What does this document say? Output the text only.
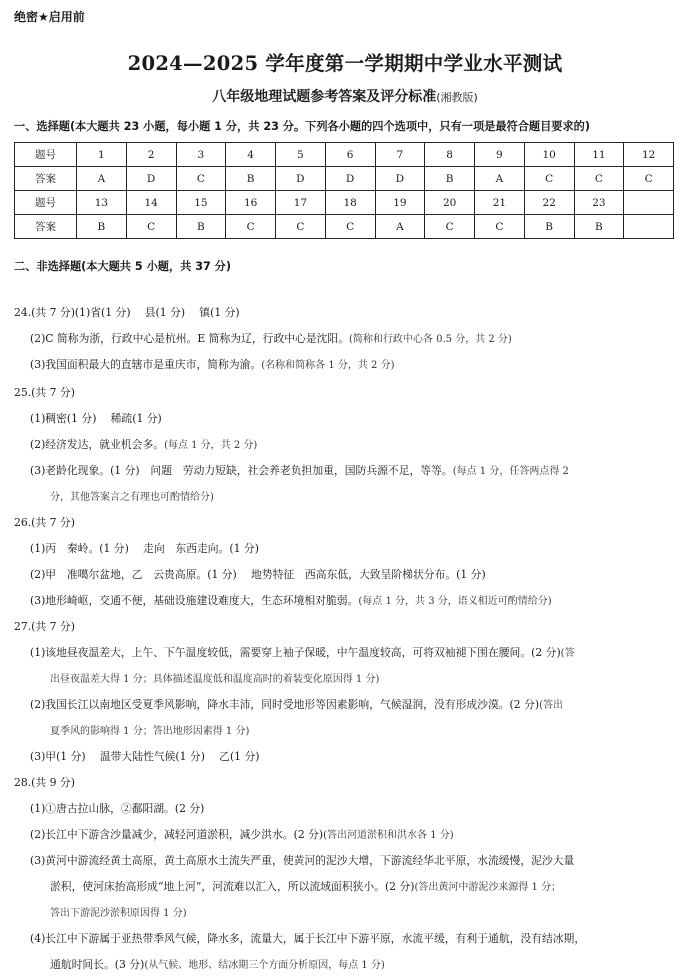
绝密★启用前
2024—2025 学年度第一学期期中学业水平测试
八年级地理试题参考答案及评分标准(湘教版)
一、选择题(本大题共 23 小题，每小题 1 分，共 23 分。下列各小题的四个选项中，只有一项是最符合题目要求的)
题号	1	2	3	4	5	6	7	8	9	10	11	12
答案	A	D	C	B	D	D	D	B	A	C	C	C
题号	13	14	15	16	17	18	19	20	21	22	23	
答案	B	C	B	C	C	C	A	C	C	B	B	
二、非选择题(本大题共 5 小题，共 37 分)
24.(共 7 分)(1)省(1 分)　 县(1 分)　 镇(1 分)
(2)C 简称为浙，行政中心是杭州。E 简称为辽，行政中心是沈阳。(简称和行政中心各 0.5 分，共 2 分)
(3)我国面积最大的直辖市是重庆市，简称为渝。(名称和简称各 1 分，共 2 分)
25.(共 7 分)
(1)稠密(1 分)　 稀疏(1 分)
(2)经济发达，就业机会多。(每点 1 分，共 2 分)
(3)老龄化现象。(1 分)　问题　劳动力短缺，社会养老负担加重，国防兵源不足，等等。(每点 1 分，任答两点得 2
分，其他答案言之有理也可酌情给分)
26.(共 7 分)
(1)丙　秦岭。(1 分)　 走向　东西走向。(1 分)
(2)甲　准噶尔盆地，乙　云贵高原。(1 分)　 地势特征　西高东低，大致呈阶梯状分布。(1 分)
(3)地形崎岖，交通不便，基础设施建设难度大，生态环境相对脆弱。(每点 1 分，共 3 分，语义相近可酌情给分)
27.(共 7 分)
(1)该地昼夜温差大，上午、下午温度较低，需要穿上袖子保暖，中午温度较高，可将双袖褪下围在腰间。(2 分)(答
出昼夜温差大得 1 分；具体描述温度低和温度高时的着装变化原因得 1 分)
(2)我国长江以南地区受夏季风影响，降水丰沛，同时受地形等因素影响，气候湿润，没有形成沙漠。(2 分)(答出
夏季风的影响得 1 分；答出地形因素得 1 分)
(3)甲(1 分)　 温带大陆性气候(1 分)　 乙(1 分)
28.(共 9 分)
(1)①唐古拉山脉，②鄱阳湖。(2 分)
(2)长江中下游含沙量减少，减轻河道淤积，减少洪水。(2 分)(答出河道淤积和洪水各 1 分)
(3)黄河中游流经黄土高原，黄土高原水土流失严重，使黄河的泥沙大增，下游流经华北平原，水流缓慢，泥沙大量
淤积，使河床抬高形成“地上河”，河流难以汇入，所以流域面积狭小。(2 分)(答出黄河中游泥沙来源得 1 分；
答出下游泥沙淤积原因得 1 分)
(4)长江中下游属于亚热带季风气候，降水多，流量大，属于长江中下游平原，水流平缓，有利于通航，没有结冰期，
通航时间长。(3 分)(从气候、地形、结冰期三个方面分析原因，每点 1 分)
